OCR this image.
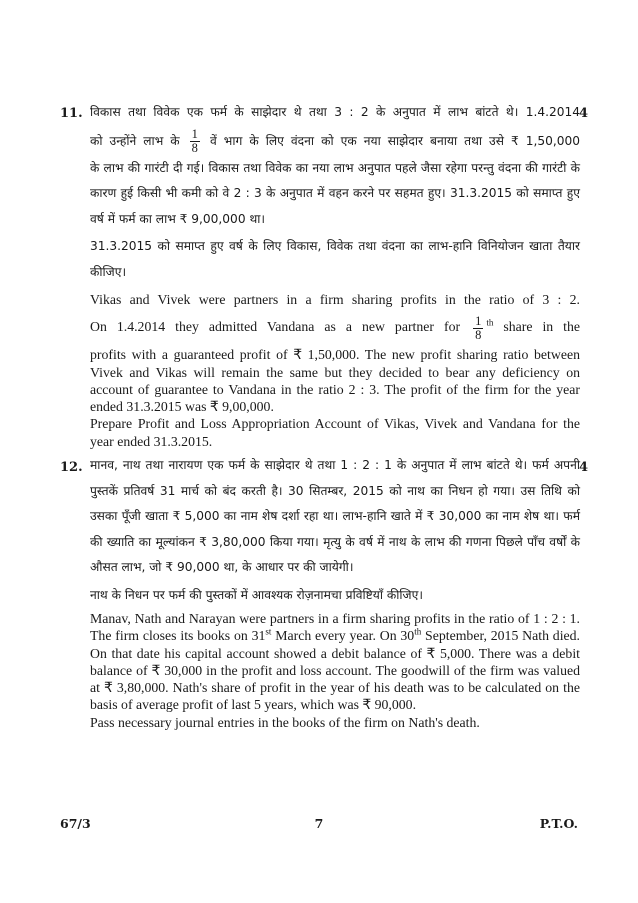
11.	4

विकास तथा विवेक एक फर्म के साझेदार थे तथा 3 : 2 के अनुपात में लाभ बांटते थे। 1.4.2014

को उन्होंने लाभ के $\frac{1}{8}$ वें भाग के लिए वंदना को एक नया साझेदार बनाया तथा उसे ₹ 1,50,000

के लाभ की गारंटी दी गई। विकास तथा विवेक का नया लाभ अनुपात पहले जैसा रहेगा परन्तु वंदना की गारंटी के कारण हुई किसी भी कमी को वे 2 : 3 के अनुपात में वहन करने पर सहमत हुए। 31.3.2015 को समाप्त हुए वर्ष में फर्म का लाभ ₹ 9,00,000 था।

31.3.2015 को समाप्त हुए वर्ष के लिए विकास, विवेक तथा वंदना का लाभ-हानि विनियोजन खाता तैयार कीजिए।

Vikas and Vivek were partners in a firm sharing profits in the ratio of 3 : 2.

On 1.4.2014 they admitted Vandana as a new partner for $\frac{1}{8} ^{th}$ share in the

profits with a guaranteed profit of ₹ 1,50,000. The new profit sharing ratio between Vivek and Vikas will remain the same but they decided to bear any deficiency on account of guarantee to Vandana in the ratio 2 : 3. The profit of the firm for the year ended 31.3.2015 was ₹ 9,00,000.

Prepare Profit and Loss Appropriation Account of Vikas, Vivek and Vandana for the year ended 31.3.2015.

12.	4

मानव, नाथ तथा नारायण एक फर्म के साझेदार थे तथा 1 : 2 : 1 के अनुपात में लाभ बांटते थे। फर्म अपनी पुस्तकें प्रतिवर्ष 31 मार्च को बंद करती है। 30 सितम्बर, 2015 को नाथ का निधन हो गया। उस तिथि को उसका पूँजी खाता ₹ 5,000 का नाम शेष दर्शा रहा था। लाभ-हानि खाते में ₹ 30,000 का नाम शेष था। फर्म की ख्याति का मूल्यांकन ₹ 3,80,000 किया गया। मृत्यु के वर्ष में नाथ के लाभ की गणना पिछले पाँच वर्षों के औसत लाभ, जो ₹ 90,000 था, के आधार पर की जायेगी।

नाथ के निधन पर फर्म की पुस्तकों में आवश्यक रोज़नामचा प्रविष्टियाँ कीजिए।

Manav, Nath and Narayan were partners in a firm sharing profits in the ratio of 1 : 2 : 1. The firm closes its books on 31st March every year. On 30th September, 2015 Nath died. On that date his capital account showed a debit balance of ₹ 5,000. There was a debit balance of ₹ 30,000 in the profit and loss account. The goodwill of the firm was valued at ₹ 3,80,000. Nath's share of profit in the year of his death was to be calculated on the basis of average profit of last 5 years, which was ₹ 90,000.

Pass necessary journal entries in the books of the firm on Nath's death.

67/3	7	P.T.O.
